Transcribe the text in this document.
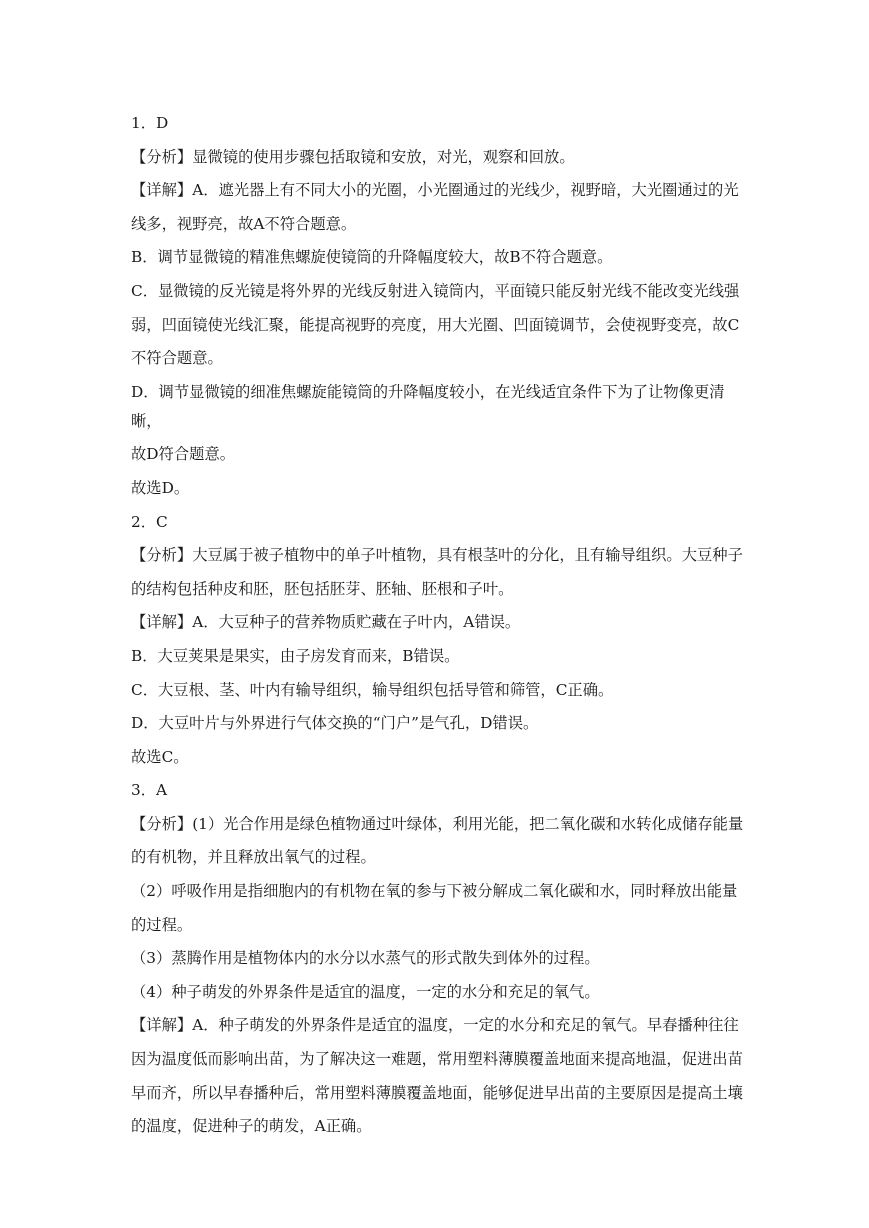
1．D
【分析】显微镜的使用步骤包括取镜和安放，对光，观察和回放。
【详解】A．遮光器上有不同大小的光圈，小光圈通过的光线少，视野暗，大光圈通过的光
线多，视野亮，故A不符合题意。
B．调节显微镜的精准焦螺旋使镜筒的升降幅度较大，故B不符合题意。
C．显微镜的反光镜是将外界的光线反射进入镜筒内，平面镜只能反射光线不能改变光线强
弱，凹面镜使光线汇聚，能提高视野的亮度，用大光圈、凹面镜调节，会使视野变亮，故C
不符合题意。
D．调节显微镜的细准焦螺旋能镜筒的升降幅度较小，在光线适宜条件下为了让物像更清晰，
故D符合题意。
故选D。
2．C
【分析】大豆属于被子植物中的单子叶植物，具有根茎叶的分化，且有输导组织。大豆种子
的结构包括种皮和胚，胚包括胚芽、胚轴、胚根和子叶。
【详解】A．大豆种子的营养物质贮藏在子叶内，A错误。
B．大豆荚果是果实，由子房发育而来，B错误。
C．大豆根、茎、叶内有输导组织，输导组织包括导管和筛管，C正确。
D．大豆叶片与外界进行气体交换的“门户”是气孔，D错误。
故选C。
3．A
【分析】(1）光合作用是绿色植物通过叶绿体，利用光能，把二氧化碳和水转化成储存能量
的有机物，并且释放出氧气的过程。
（2）呼吸作用是指细胞内的有机物在氧的参与下被分解成二氧化碳和水，同时释放出能量
的过程。
（3）蒸腾作用是植物体内的水分以水蒸气的形式散失到体外的过程。
（4）种子萌发的外界条件是适宜的温度，一定的水分和充足的氧气。
【详解】A．种子萌发的外界条件是适宜的温度，一定的水分和充足的氧气。早春播种往往
因为温度低而影响出苗，为了解决这一难题，常用塑料薄膜覆盖地面来提高地温，促进出苗
早而齐，所以早春播种后，常用塑料薄膜覆盖地面，能够促进早出苗的主要原因是提高土壤
的温度，促进种子的萌发，A正确。
